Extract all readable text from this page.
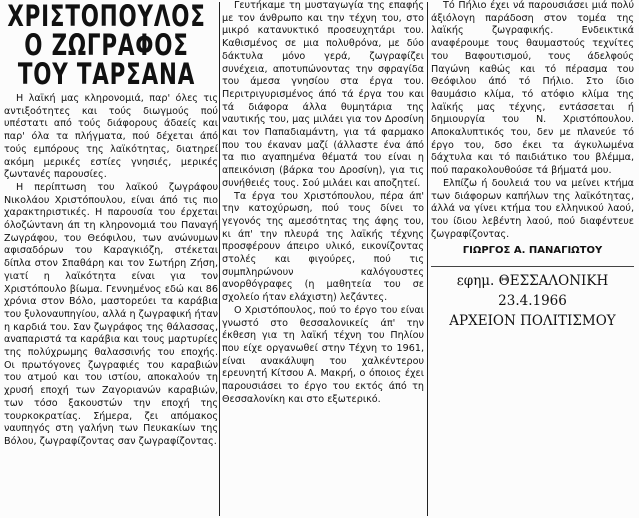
ΧΡΙΣΤΟΠΟΥΛΟΣ
Ο ΖΩΓΡΑΦΟΣ
ΤΟΥ ΤΑΡΣΑΝΑ

Η λαϊκή μας κληρονομιά, παρ' όλες τις αντιξοότητες και τούς διωγμούς πού υπέστατι από τούς διάφορους άδαείς και παρ' όλα τα πλήγματα, πού δέχεται άπό τούς εμπόρους της λαϊκότητας, διατηρεί ακόμη μερικές εστίες γνησιές, μερικές ζωντανές παρουσίες.

Η περίπτωση του λαϊκού ζωγράφου Νικολάου Χριστόπουλου, είναι άπό τις πιο χαρακτηριστικές. Η παρουσία του έρχεται όλοζώντανη άπ τη κληρονομιά του Παναγή Ζωγράφου, του Θεόφιλου, των ανώνυμων αφισαδόρων του Καραγκιόζη, στέκεται δίπλα στον Σπαθάρη και τον Σωτήρη Ζήση, γιατί η λαϊκότητα είναι για τον Χριστόπουλο βίωμα. Γεννημένος εδώ και 86 χρόνια στον Βόλο, μαστορεύει τα καράβια του ξυλοναυπηγίου, αλλά η ζωγραφική ήταν η καρδιά του. Σαν ζωγράφος της θάλασσας, αναπαριστά τα καράβια και τους μαρτυρίες της πολύχρωμης θαλασσινής του εποχής. Οι πρωτόγονες ζωγραφιές του καραβιών του ατμού και του ιστίου, αποκαλούν τη χρυσή εποχή των Ζαγοριανών καραβιών, των τόσο ξακουστών την εποχή της τουρκοκρατίας. Σήμερα, ζει απόμακος ναυπηγός στη γαλήνη των Πευκακίων της Βόλου, ζωγραφίζοντας σαν ζωγραφίζοντας.

Γευτήκαμε τη μυσταγωγία της επαφής με τον άνθρωπο και την τέχνη του, στο μικρό κατανυκτικό προσευχητάρι του. Καθισμένος σε μια πολυθρόνα, με δύο δάκτυλα μόνο γερά, ζωγραφίζει συνέχεια, αποτυπώνοντας την σφραγίδα του άμεσα γνησίου στα έργα του. Περιτριγυρισμένος άπό τά έργα του και τά διάφορα άλλα θυμητάρια της ναυτικής του, μας μιλάει για τον Δροσίνη και τον Παπαδιαμάντη, για τά φαρμακο που του έκαναν μαζί (άλλαστε ένα άπό τα πιο αγαπημένα θέματά του είναι η απεικόνιση (βάρκα του Δροσίνη), για τις συνήθειές τους. Σού μιλάει και αποζητεί.

Τα έργα του Χριστόπουλου, πέρα άπ' την κατοχύρωση, πού τους δίνει το γεγονός της αμεσότητας της άφης του, κι άπ' την πλευρά της λαϊκής τέχνης προσφέρουν άπειρο υλικό, εικονίζοντας στολές και φιγούρες, πού τις συμπληρώνουν καλόγουστες ανορθόγραφες (η μαθητεία του σε σχολείο ήταν ελάχιστη) λεζάντες.

Ο Χριστόπουλος, πού το έργο του είναι γνωστό στο θεσσαλονικείς άπ' την έκθεση για τη λαϊκή τέχνη του Πηλίου που είχε οργανωθεί στην Τέχνη το 1961, είναι ανακάλυψη του χαλκέντερου ερευνητή Κίτσου Α. Μακρή, ο όποιος έχει παρουσιάσει το έργο του εκτός άπό τη Θεσσαλονίκη και στο εξωτερικό.

Τό Πήλιο έχει νά παρουσιάσει μιά πολύ άξιόλογη παράδοση στον τομέα της λαϊκής ζωγραφικής. Ενδεικτικά αναφέρουμε τους θαυμαστούς τεχνίτες του Βαφουτισμού, τους άδελφούς Παγώνη καθώς και τό πέρασμα του Θεόφιλου άπό τό Πήλιο. Στο ίδιο θαυμάσιο κλίμα, τό ατόφιο κλίμα της λαϊκής μας τέχνης, εντάσσεται ή δημιουργία του Ν. Χριστόπουλου. Αποκαλυπτικός του, δεν με πλανεύε τό έργο του, δσο έκει τα άγκυλωμένα δάχτυλα και τό παιδιάτικο του βλέμμα, πού παρακολουθούσε τά βήματά μου.

Ελπίζω ή δουλειά του να μείνει κτήμα των διάφορων καπήλων της λαϊκότητας, άλλά να γίνει κτήμα του ελληνικού λαού, του ίδιου λεβέντη λαού, πού διαφέντευε ζωγραφίζοντας.

ΓΙΩΡΓΟΣ Α. ΠΑΝΑΓΙΩΤΟΥ
εφημ. ΘΕΣΣΑΛΟΝΙΚΗ
23.4.1966
ΑΡΧΕΙΟΝ ΠΟΛΙΤΙΣΜΟΥ
